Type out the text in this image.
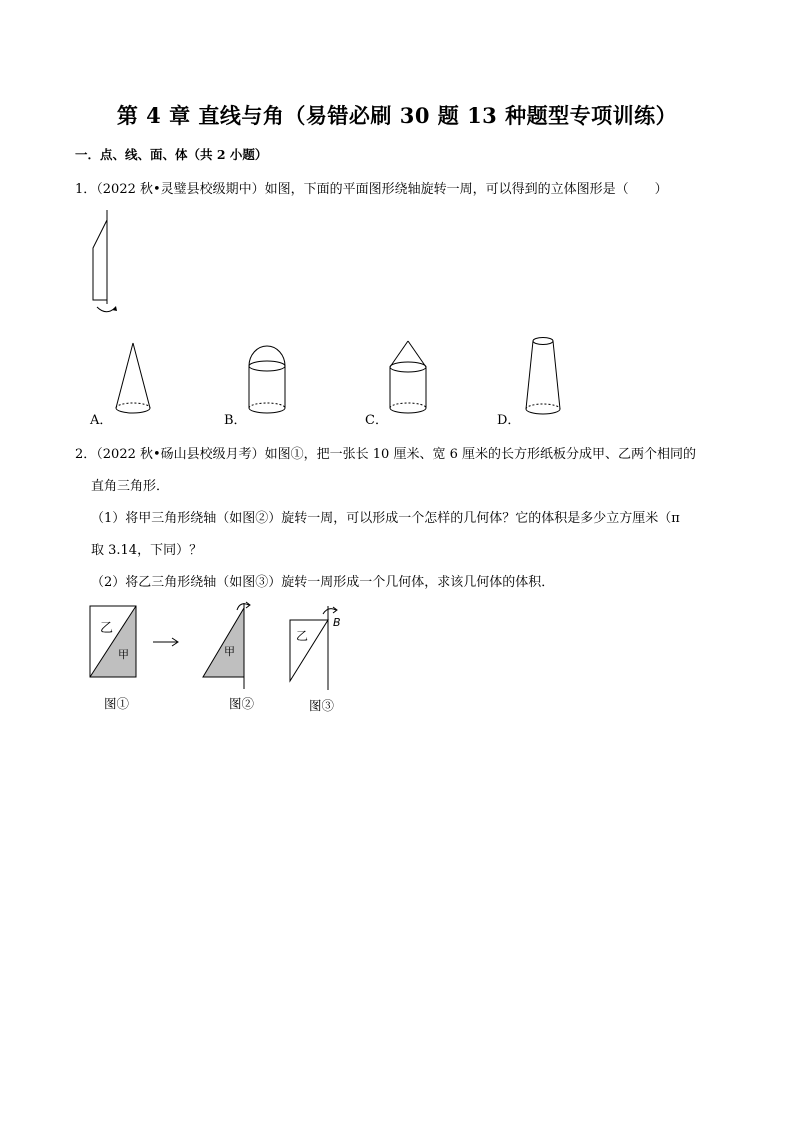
第 4 章 直线与角（易错必刷 30 题 13 种题型专项训练）
一．点、线、面、体（共 2 小题）
1．（2022 秋•灵璧县校级期中）如图，下面的平面图形绕轴旋转一周，可以得到的立体图形是（　　）
A．	B．	C．	D．
2．（2022 秋•砀山县校级月考）如图①，把一张长 10 厘米、宽 6 厘米的长方形纸板分成甲、乙两个相同的
直角三角形．
（1）将甲三角形绕轴（如图②）旋转一周，可以形成一个怎样的几何体？它的体积是多少立方厘米（π
取 3.14，下同）？
（2）将乙三角形绕轴（如图③）旋转一周形成一个几何体，求该几何体的体积．
乙
甲	甲
乙
B
图①	图②	图③
